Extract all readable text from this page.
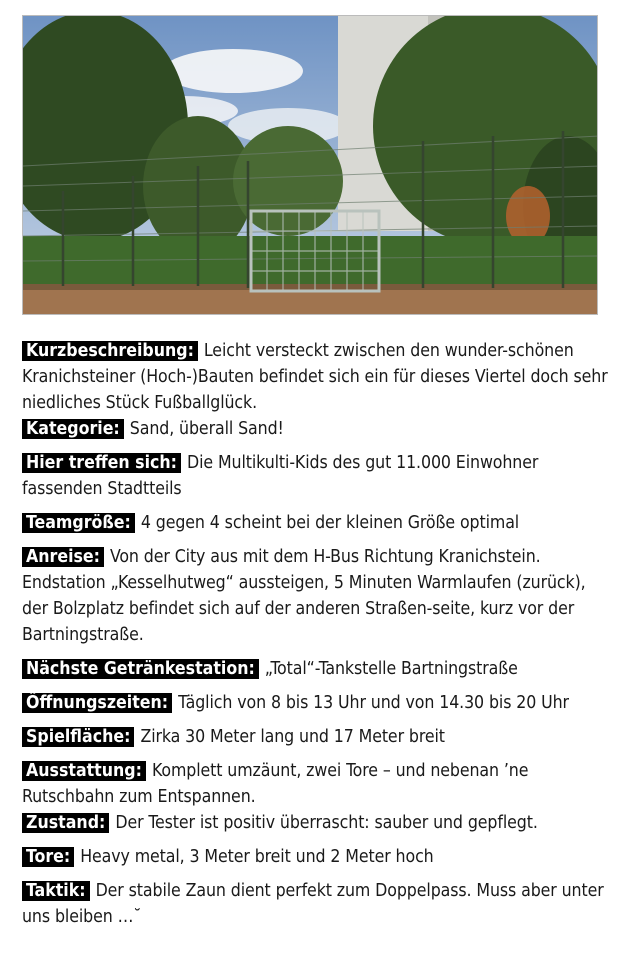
Kurzbeschreibung: Leicht versteckt zwischen den wunder-schönen Kranichsteiner (Hoch-)Bauten befindet sich ein für dieses Viertel doch sehr niedliches Stück Fußballglück.
Kategorie: Sand, überall Sand!
Hier treffen sich: Die Multikulti-Kids des gut 11.000 Einwohner fassenden Stadtteils
Teamgröße: 4 gegen 4 scheint bei der kleinen Größe optimal
Anreise: Von der City aus mit dem H-Bus Richtung Kranichstein. Endstation „Kesselhutweg“ aussteigen, 5 Minuten Warmlaufen (zurück), der Bolzplatz befindet sich auf der anderen Straßen-seite, kurz vor der Bartningstraße.
Nächste Getränkestation: „Total“-Tankstelle Bartningstraße
Öffnungszeiten: Täglich von 8 bis 13 Uhr und von 14.30 bis 20 Uhr
Spielfläche: Zirka 30 Meter lang und 17 Meter breit
Ausstattung: Komplett umzäunt, zwei Tore – und nebenan ’ne Rutschbahn zum Entspannen.
Zustand: Der Tester ist positiv überrascht: sauber und gepflegt.
Tore: Heavy metal, 3 Meter breit und 2 Meter hoch
Taktik: Der stabile Zaun dient perfekt zum Doppelpass. Muss aber unter uns bleiben …˘
